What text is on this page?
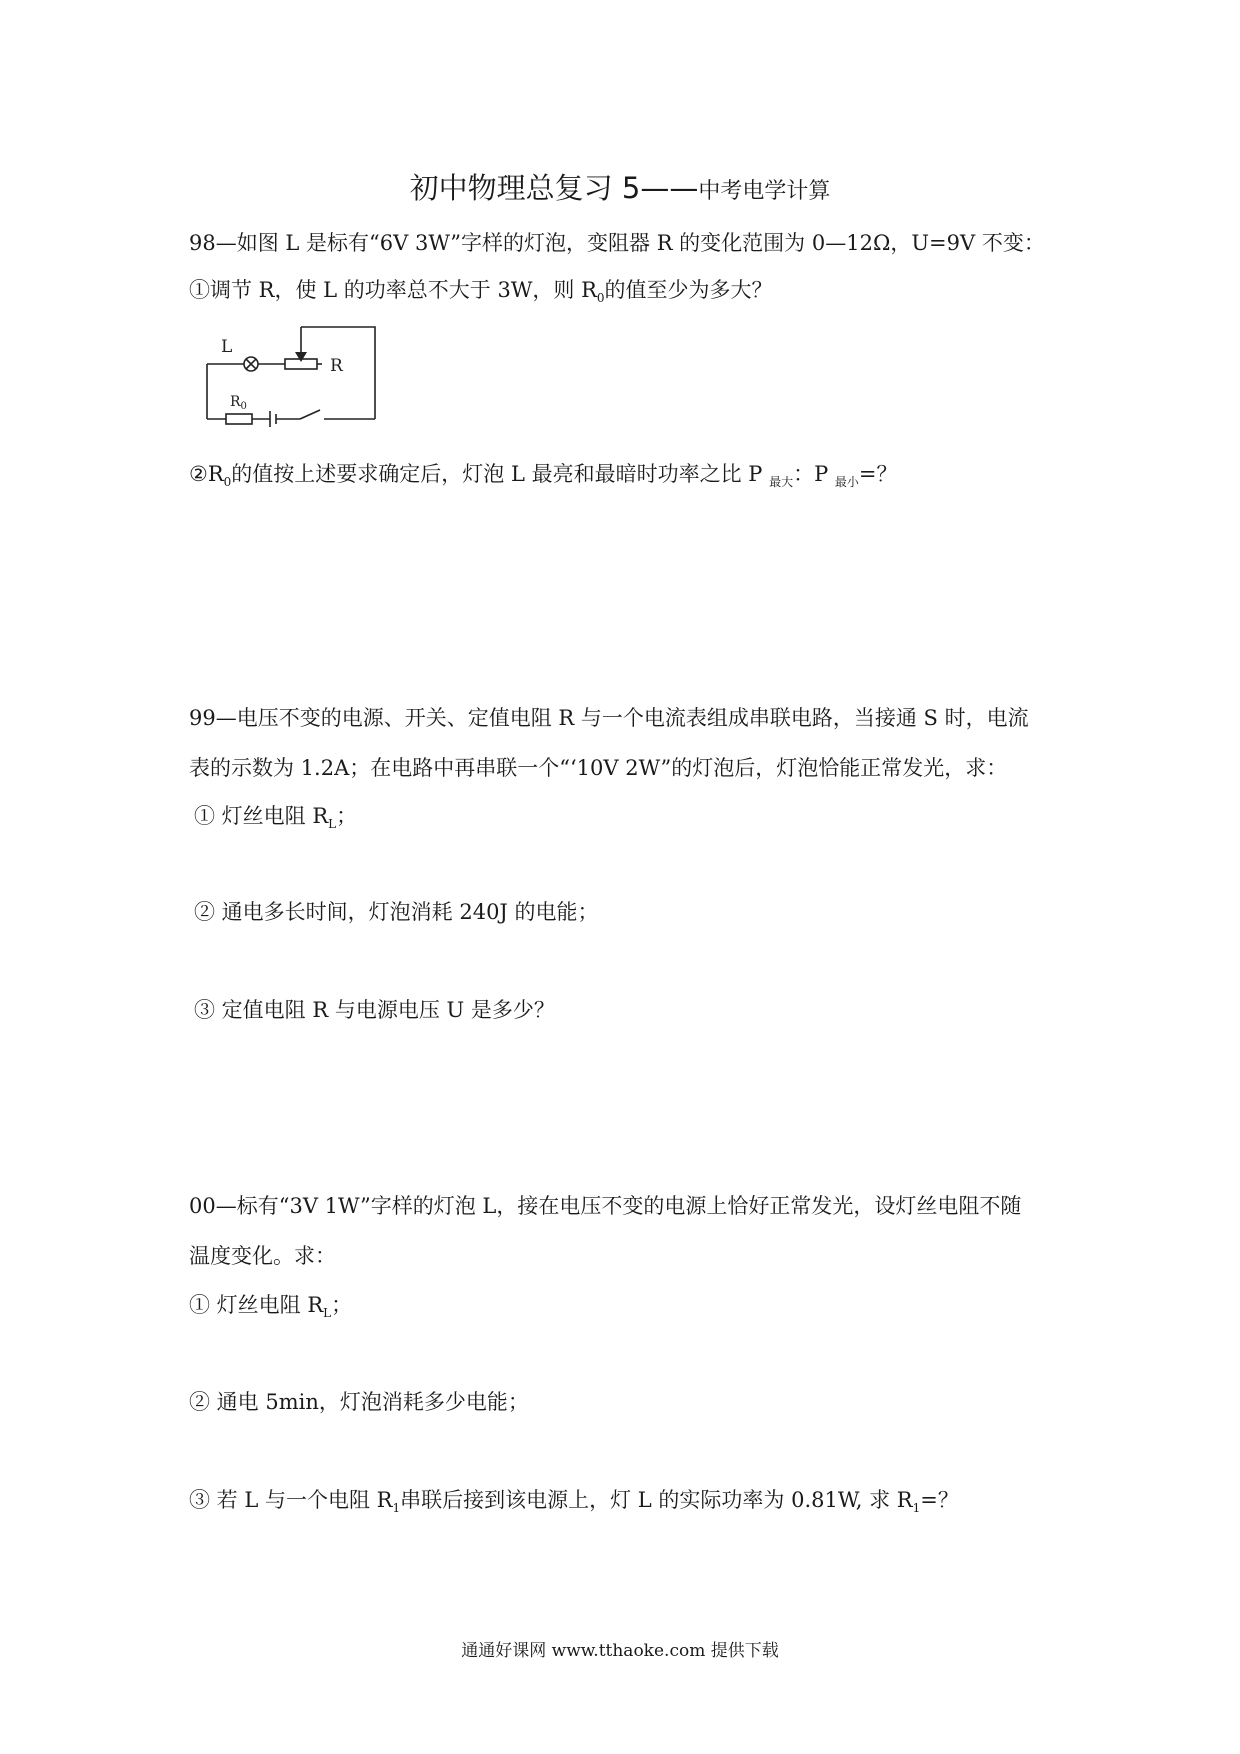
初中物理总复习 5——中考电学计算
98—如图 L 是标有“6V 3W”字样的灯泡，变阻器 R 的变化范围为 0—12Ω，U=9V 不变：
①调节 R，使 L 的功率总不大于 3W，则 $R_0$的值至少为多大？
L
R
$R_0$
$②R_0$的值按上述要求确定后，灯泡 L 最亮和最暗时功率之比 P $_{最大}$：P $_{最小}$=？
99—电压不变的电源、开关、定值电阻 R 与一个电流表组成串联电路，当接通 S 时，电流
表的示数为 1.2A；在电路中再串联一个“‘10V 2W”的灯泡后，灯泡恰能正常发光，求：
① 灯丝电阻 $R_L$；
② 通电多长时间，灯泡消耗 240J 的电能；
③ 定值电阻 R 与电源电压 U 是多少？
00—标有“3V 1W”字样的灯泡 L，接在电压不变的电源上恰好正常发光，设灯丝电阻不随
温度变化。求：
① 灯丝电阻 $R_L$；
② 通电 5min，灯泡消耗多少电能；
③ 若 L 与一个电阻 $R_1$串联后接到该电源上，灯 L 的实际功率为 0.81W, 求 $R_1=$？
通通好课网 www.tthaoke.com 提供下载
